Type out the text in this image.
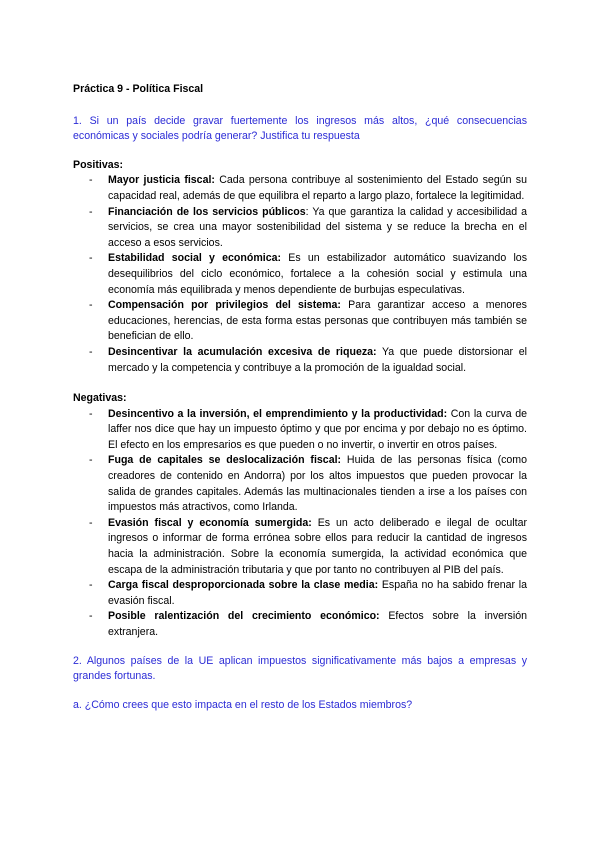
Práctica 9 - Política Fiscal

1. Si un país decide gravar fuertemente los ingresos más altos, ¿qué consecuencias económicas y sociales podría generar? Justifica tu respuesta

Positivas:

- Mayor justicia fiscal: Cada persona contribuye al sostenimiento del Estado según su capacidad real, además de que equilibra el reparto a largo plazo, fortalece la legitimidad.
- Financiación de los servicios públicos: Ya que garantiza la calidad y accesibilidad a servicios, se crea una mayor sostenibilidad del sistema y se reduce la brecha en el acceso a esos servicios.
- Estabilidad social y económica: Es un estabilizador automático suavizando los desequilibrios del ciclo económico, fortalece a la cohesión social y estimula una economía más equilibrada y menos dependiente de burbujas especulativas.
- Compensación por privilegios del sistema: Para garantizar acceso a menores educaciones, herencias, de esta forma estas personas que contribuyen más también se benefician de ello.
- Desincentivar la acumulación excesiva de riqueza: Ya que puede distorsionar el mercado y la competencia y contribuye a la promoción de la igualdad social.

Negativas:

- Desincentivo a la inversión, el emprendimiento y la productividad: Con la curva de laffer nos dice que hay un impuesto óptimo y que por encima y por debajo no es óptimo. El efecto en los empresarios es que pueden o no invertir, o invertir en otros países.
- Fuga de capitales se deslocalización fiscal: Huida de las personas física (como creadores de contenido en Andorra) por los altos impuestos que pueden provocar la salida de grandes capitales. Además las multinacionales tienden a irse a los países con impuestos más atractivos, como Irlanda.
- Evasión fiscal y economía sumergida: Es un acto deliberado e ilegal de ocultar ingresos o informar de forma errónea sobre ellos para reducir la cantidad de ingresos hacia la administración. Sobre la economía sumergida, la actividad económica que escapa de la administración tributaria y que por tanto no contribuyen al PIB del país.
- Carga fiscal desproporcionada sobre la clase media: España no ha sabido frenar la evasión fiscal.
- Posible ralentización del crecimiento económico: Efectos sobre la inversión extranjera.

2. Algunos países de la UE aplican impuestos significativamente más bajos a empresas y grandes fortunas.

a. ¿Cómo crees que esto impacta en el resto de los Estados miembros?
